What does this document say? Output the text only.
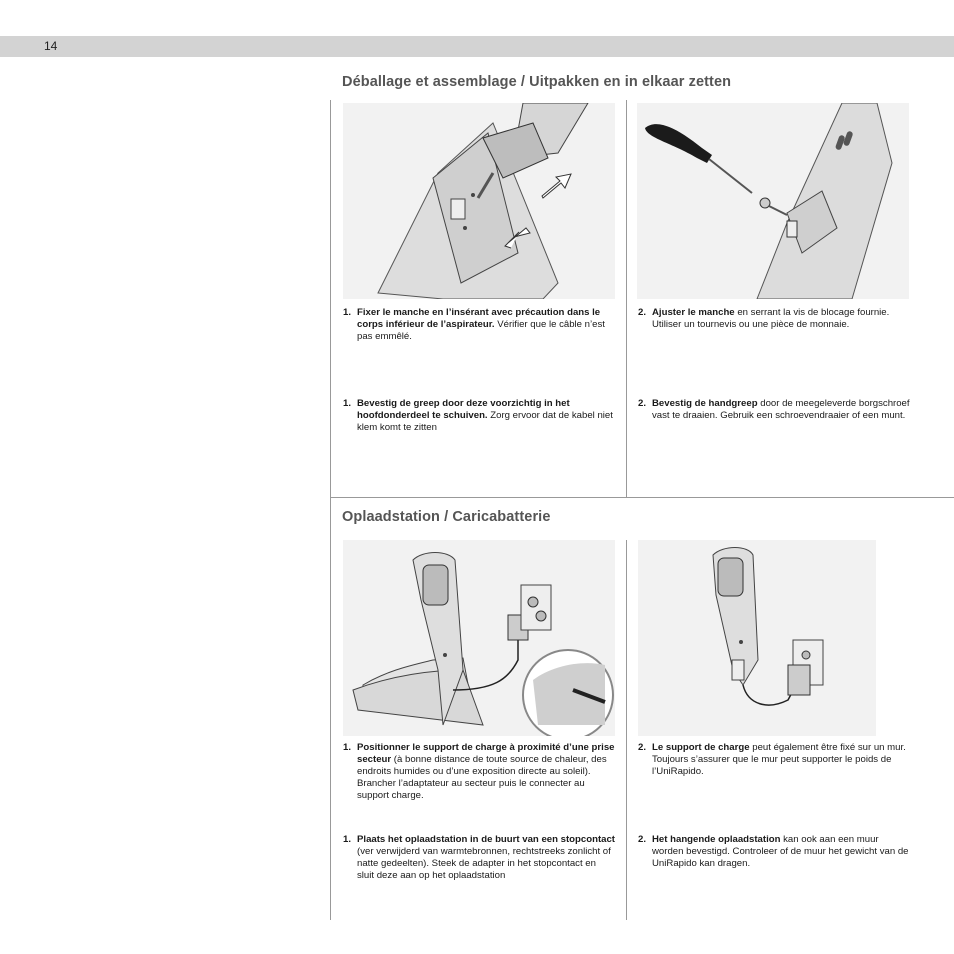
14
Déballage et assemblage / Uitpakken en in elkaar zetten
1. Fixer le manche en l’insérant avec précaution dans le corps inférieur de l’aspirateur. Vérifier que le câble n’est pas emmêlé.
2. Ajuster le manche en serrant la vis de blocage fournie. Utiliser un tournevis ou une pièce de monnaie.
1. Bevestig de greep door deze voorzichtig in het hoofdonderdeel te schuiven. Zorg ervoor dat de kabel niet klem komt te zitten
2. Bevestig de handgreep door de meegeleverde borgschroef vast te draaien. Gebruik een schroevendraaier of een munt.
Oplaadstation / Caricabatterie
1. Positionner le support de charge à proximité d’une prise secteur (à bonne distance de toute source de chaleur, des endroits humides ou d’une exposition directe au soleil). Brancher l’adaptateur au secteur puis le connecter au support charge.
2. Le support de charge peut également être fixé sur un mur. Toujours s’assurer que le mur peut supporter le poids de l’UniRapido.
1. Plaats het oplaadstation in de buurt van een stopcontact (ver verwijderd van warmtebronnen, rechtstreeks zonlicht of natte gedeelten). Steek de adapter in het stopcontact en sluit deze aan op het oplaadstation
2. Het hangende oplaadstation kan ook aan een muur worden bevestigd. Controleer of de muur het gewicht van de UniRapido kan dragen.
